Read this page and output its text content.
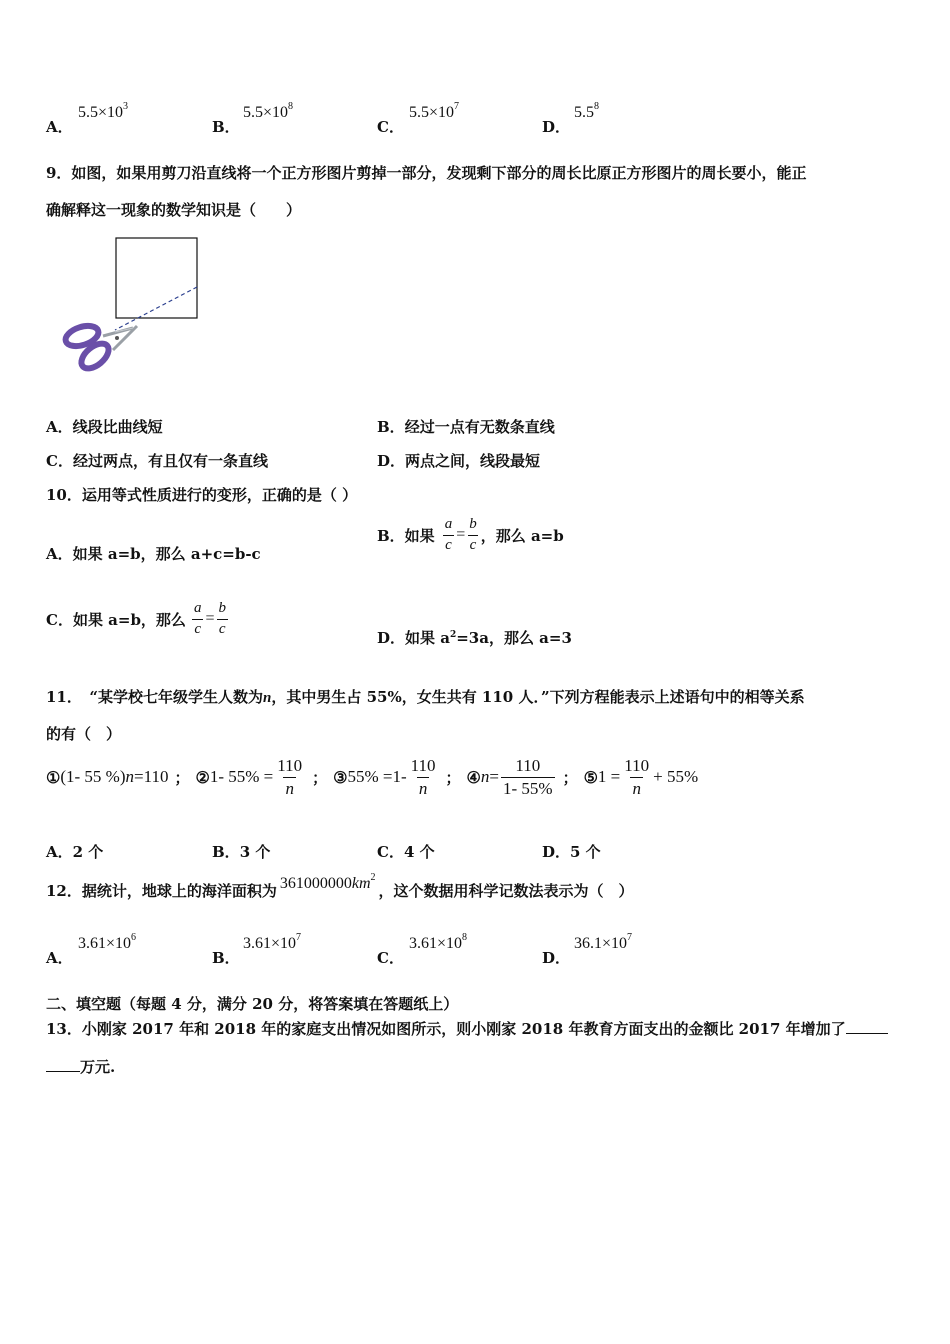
A．
$5.5\times 10^3$
B．
$5.5\times 10^8$
C．
$5.5\times 10^7$
D．
$5.5^8$
9．如图，如果用剪刀沿直线将一个正方形图片剪掉一部分，发现剩下部分的周长比原正方形图片的周长要小，能正
确解释这一现象的数学知识是（　　）
A．线段比曲线短	B．经过一点有无数条直线
C．经过两点，有且仅有一条直线	D．两点之间，线段最短
10．运用等式性质进行的变形，正确的是（ ）
A．如果 a=b，那么 a+c=b-c
B．如果 $\frac{a}{c} = \frac{b}{c}$ ，那么 a=b
C．如果 a=b，那么 $\frac{a}{c} = \frac{b}{c}$
D．如果 $a^2=3a$，那么 a=3
11．　“某学校七年级学生人数为n，其中男生占 55%，女生共有 110 人．”下列方程能表示上述语句中的相等关系
的有（　）
① (1- 55 %) n =110 ； ② 1- $55\% = \frac{110}{n}$ ； ③ $55\% =1- \frac{110}{n}$ ； ④ $n = \frac{110}{1- 55\%}$ ； ⑤ $1 = \frac{110}{n} + 55\%$
A．2 个	B．3 个	C．4 个	D．5 个
12．据统计，地球上的海洋面积为 $361000000km^2$
，这个数据用科学记数法表示为（　）
A．
$3.61\times 10^6$
B．
$3.61\times 10^7$
C．
$3.61\times 10^8$
D．
$36.1\times 10^7$
二、填空题（每题 4 分，满分 20 分，将答案填在答题纸上）
13．小刚家 2017 年和 2018 年的家庭支出情况如图所示，则小刚家 2018 年教育方面支出的金额比 2017 年增加了
万元.
